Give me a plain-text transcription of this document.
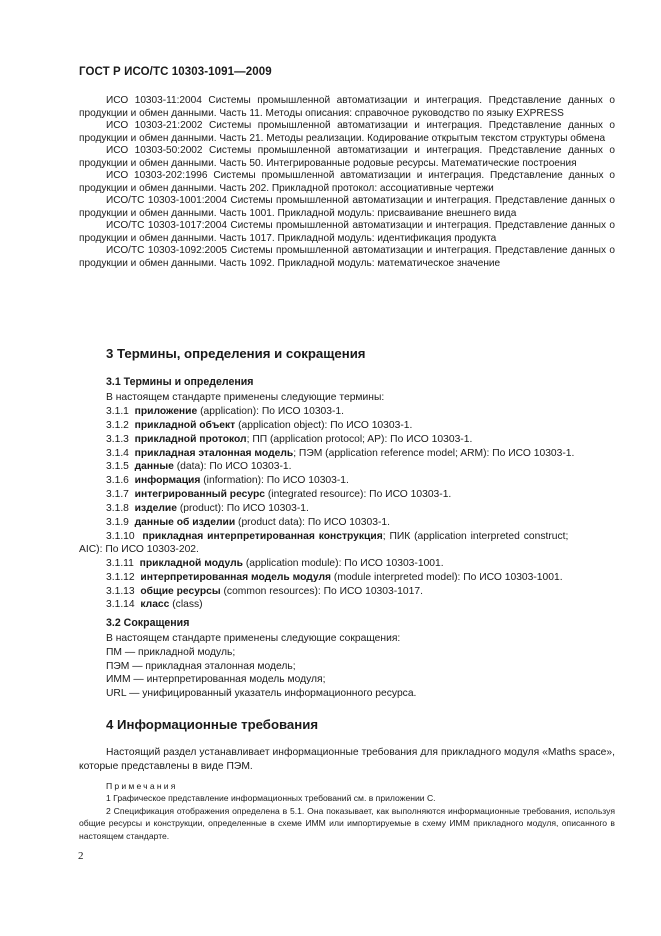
ГОСТ Р ИСО/ТС 10303-1091—2009

ИСО 10303-11:2004 Системы промышленной автоматизации и интеграция. Представление данных о продукции и обмен данными. Часть 11. Методы описания: справочное руководство по языку EXPRESS

ИСО 10303-21:2002 Системы промышленной автоматизации и интеграция. Представление данных о продукции и обмен данными. Часть 21. Методы реализации. Кодирование открытым текстом структуры обмена

ИСО 10303-50:2002 Системы промышленной автоматизации и интеграция. Представление данных о продукции и обмен данными. Часть 50. Интегрированные родовые ресурсы. Математические построения

ИСО 10303-202:1996 Системы промышленной автоматизации и интеграция. Представление данных о продукции и обмен данными. Часть 202. Прикладной протокол: ассоциативные чертежи

ИСО/ТС 10303-1001:2004 Системы промышленной автоматизации и интеграция. Представление данных о продукции и обмен данными. Часть 1001. Прикладной модуль: присваивание внешнего вида

ИСО/ТС 10303-1017:2004 Системы промышленной автоматизации и интеграция. Представление данных о продукции и обмен данными. Часть 1017. Прикладной модуль: идентификация продукта

ИСО/ТС 10303-1092:2005 Системы промышленной автоматизации и интеграция. Представление данных о продукции и обмен данными. Часть 1092. Прикладной модуль: математическое значение

3 Термины, определения и сокращения
3.1 Термины и определения
В настоящем стандарте применены следующие термины:
3.1.1 приложение (application): По ИСО 10303-1.
3.1.2 прикладной объект (application object): По ИСО 10303-1.
3.1.3 прикладной протокол; ПП (application protocol; AP): По ИСО 10303-1.
3.1.4 прикладная эталонная модель; ПЭМ (application reference model; ARM): По ИСО 10303-1.
3.1.5 данные (data): По ИСО 10303-1.
3.1.6 информация (information): По ИСО 10303-1.
3.1.7 интегрированный ресурс (integrated resource): По ИСО 10303-1.
3.1.8 изделие (product): По ИСО 10303-1.
3.1.9 данные об изделии (product data): По ИСО 10303-1.
3.1.10 прикладная интерпретированная конструкция; ПИК (application interpreted construct;
AIC): По ИСО 10303-202.
3.1.11 прикладной модуль (application module): По ИСО 10303-1001.
3.1.12 интерпретированная модель модуля (module interpreted model): По ИСО 10303-1001.
3.1.13 общие ресурсы (common resources): По ИСО 10303-1017.
3.1.14 класс (class)
3.2 Сокращения
В настоящем стандарте применены следующие сокращения:
ПМ — прикладной модуль;
ПЭМ — прикладная эталонная модель;
ИММ — интерпретированная модель модуля;
URL — унифицированный указатель информационного ресурса.
4 Информационные требования

Настоящий раздел устанавливает информационные требования для прикладного модуля «Maths space», которые представлены в виде ПЭМ.

Примечания

1 Графическое представление информационных требований см. в приложении С.

2 Спецификация отображения определена в 5.1. Она показывает, как выполняются информационные требования, используя общие ресурсы и конструкции, определенные в схеме ИММ или импортируемые в схему ИММ прикладного модуля, описанного в настоящем стандарте.

2
